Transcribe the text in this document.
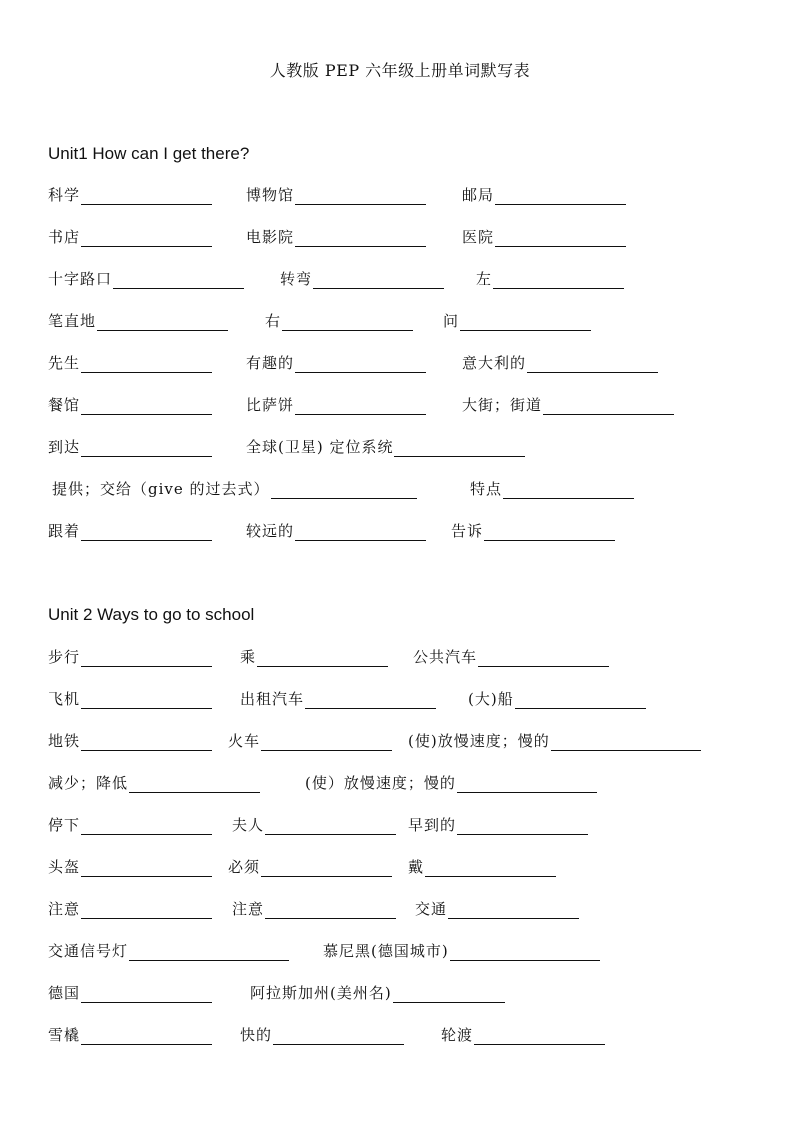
人教版 PEP 六年级上册单词默写表
Unit1 How can I get there?
Unit 2 Ways to go to school
科学	博物馆	邮局
书店	电影院	医院
十字路口	转弯	左
笔直地	右	问
先生	有趣的	意大利的
餐馆	比萨饼	大街；街道
到达	全球(卫星) 定位系统
提供；交给（give 的过去式）	特点
跟着	较远的	告诉
步行	乘	公共汽车
飞机	出租汽车	(大)船
地铁	火车	(使)放慢速度；慢的
减少；降低	(使）放慢速度；慢的
停下	夫人	早到的
头盔	必须	戴
注意	注意	交通
交通信号灯	慕尼黑(德国城市)
德国	阿拉斯加州(美州名)
雪橇	快的	轮渡
